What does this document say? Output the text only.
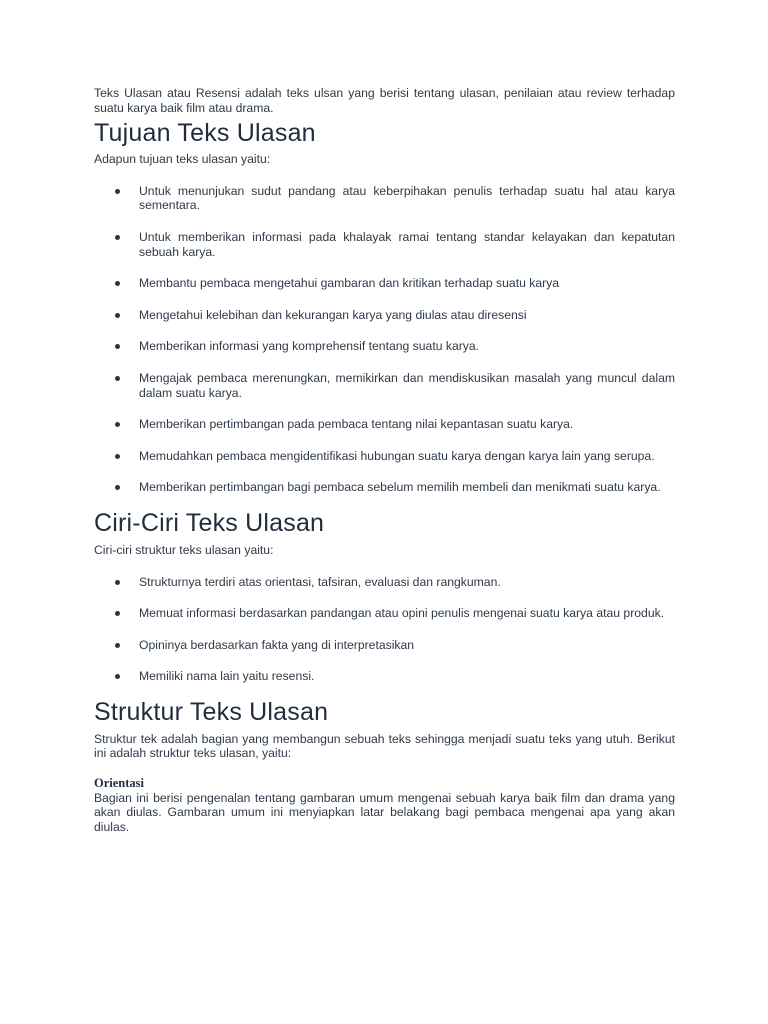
Teks Ulasan atau Resensi adalah teks ulsan yang berisi tentang ulasan, penilaian atau review terhadap suatu karya baik film atau drama.

Tujuan Teks Ulasan

Adapun tujuan teks ulasan yaitu:

Untuk menunjukan sudut pandang atau keberpihakan penulis terhadap suatu hal atau karya sementara.
Untuk memberikan informasi pada khalayak ramai tentang standar kelayakan dan kepatutan sebuah karya.
Membantu pembaca mengetahui gambaran dan kritikan terhadap suatu karya
Mengetahui kelebihan dan kekurangan karya yang diulas atau diresensi
Memberikan informasi yang komprehensif tentang suatu karya.
Mengajak pembaca merenungkan, memikirkan dan mendiskusikan masalah yang muncul dalam dalam suatu karya.
Memberikan pertimbangan pada pembaca tentang nilai kepantasan suatu karya.
Memudahkan pembaca mengidentifikasi hubungan suatu karya dengan karya lain yang serupa.
Memberikan pertimbangan bagi pembaca sebelum memilih membeli dan menikmati suatu karya.
Ciri-Ciri Teks Ulasan

Ciri-ciri struktur teks ulasan yaitu:

Strukturnya terdiri atas orientasi, tafsiran, evaluasi dan rangkuman.
Memuat informasi berdasarkan pandangan atau opini penulis mengenai suatu karya atau produk.
Opininya berdasarkan fakta yang di interpretasikan
Memiliki nama lain yaitu resensi.
Struktur Teks Ulasan

Struktur tek adalah bagian yang membangun sebuah teks sehingga menjadi suatu teks yang utuh. Berikut ini adalah struktur teks ulasan, yaitu:

Orientasi

Bagian ini berisi pengenalan tentang gambaran umum mengenai sebuah karya baik film dan drama yang akan diulas. Gambaran umum ini menyiapkan latar belakang bagi pembaca mengenai apa yang akan diulas.
